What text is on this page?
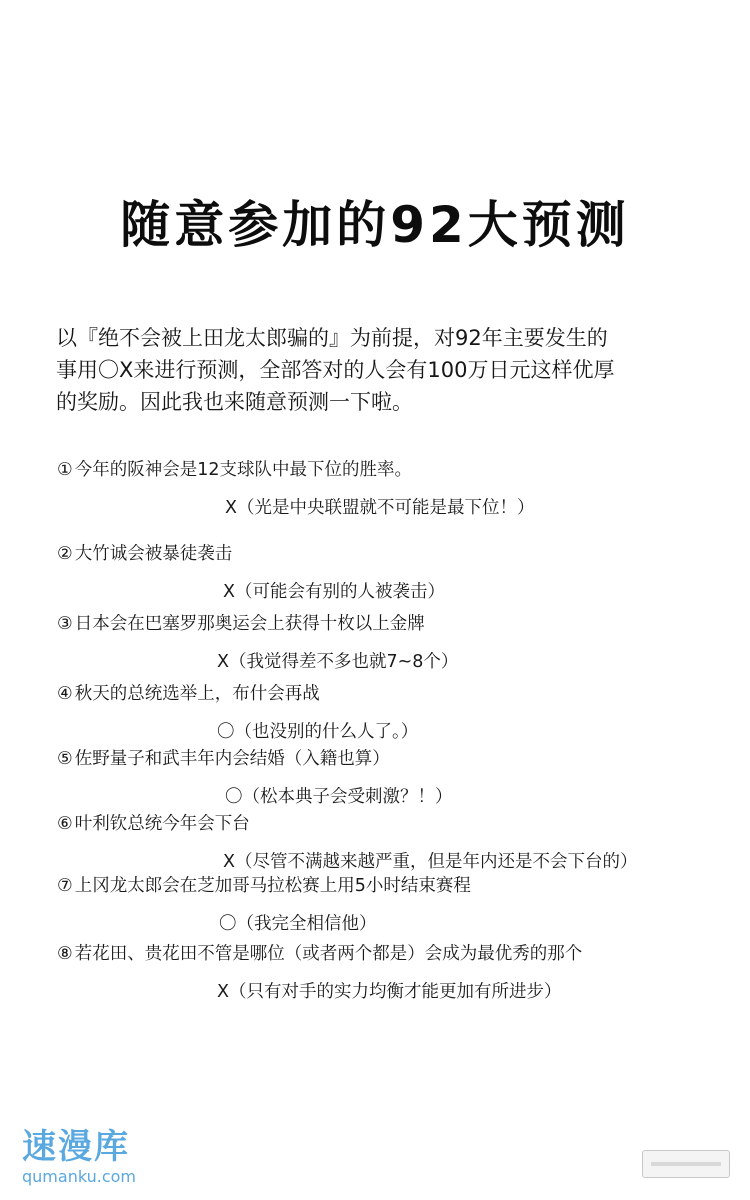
随意参加的92大预测
以『绝不会被上田龙太郎骗的』为前提，对92年主要发生的
事用〇X来进行预测，全部答对的人会有100万日元这样优厚
的奖励。因此我也来随意预测一下啦。
① 今年的阪神会是12支球队中最下位的胜率。
X（光是中央联盟就不可能是最下位！）
② 大竹诚会被暴徒袭击
X（可能会有别的人被袭击）
③ 日本会在巴塞罗那奥运会上获得十枚以上金牌
X（我觉得差不多也就7~8个）
④ 秋天的总统选举上，布什会再战
〇（也没别的什么人了。）
⑤ 佐野量子和武丰年内会结婚（入籍也算）
〇（松本典子会受刺激？！）
⑥ 叶利钦总统今年会下台
X（尽管不满越来越严重，但是年内还是不会下台的）
⑦ 上冈龙太郎会在芝加哥马拉松赛上用5小时结束赛程
〇（我完全相信他）
⑧ 若花田、贵花田不管是哪位（或者两个都是）会成为最优秀的那个
X（只有对手的实力均衡才能更加有所进步）
速漫库
qumanku.com
